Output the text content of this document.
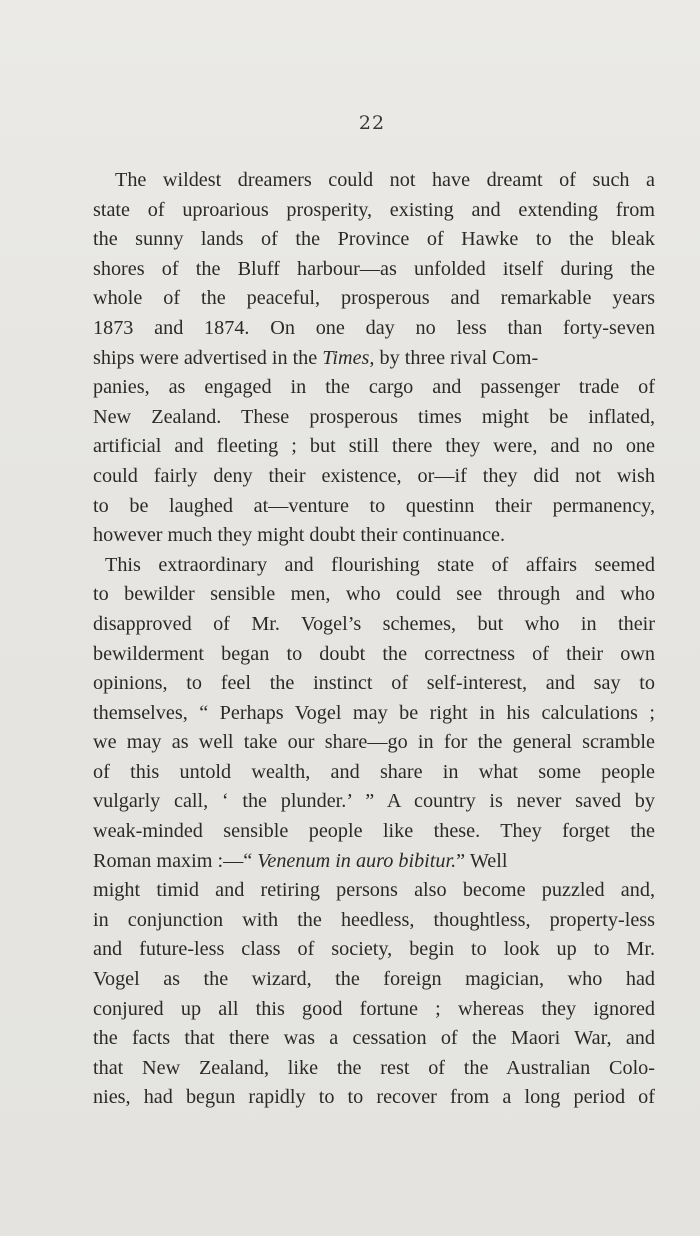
22
The wildest dreamers could not have dreamt of such a
state of uproarious prosperity, existing and extending from
the sunny lands of the Province of Hawke to the bleak
shores of the Bluff harbour—as unfolded itself during the
whole of the peaceful, prosperous and remarkable years
1873 and 1874. On one day no less than forty-seven
ships were advertised in the Times, by three rival Com-
panies, as engaged in the cargo and passenger trade of
New Zealand. These prosperous times might be inflated,
artificial and fleeting ; but still there they were, and no one
could fairly deny their existence, or—if they did not wish
to be laughed at—venture to questinn their permanency,
however much they might doubt their continuance.
This extraordinary and flourishing state of affairs seemed
to bewilder sensible men, who could see through and who
disapproved of Mr. Vogel’s schemes, but who in their
bewilderment began to doubt the correctness of their own
opinions, to feel the instinct of self-interest, and say to
themselves, “ Perhaps Vogel may be right in his calculations ;
we may as well take our share—go in for the general scramble
of this untold wealth, and share in what some people
vulgarly call, ‘ the plunder.’ ” A country is never saved by
weak-minded sensible people like these. They forget the
Roman maxim :—“ Venenum in auro bibitur.” Well
might timid and retiring persons also become puzzled and,
in conjunction with the heedless, thoughtless, property-less
and future-less class of society, begin to look up to Mr.
Vogel as the wizard, the foreign magician, who had
conjured up all this good fortune ; whereas they ignored
the facts that there was a cessation of the Maori War, and
that New Zealand, like the rest of the Australian Colo-
nies, had begun rapidly to to recover from a long period of
